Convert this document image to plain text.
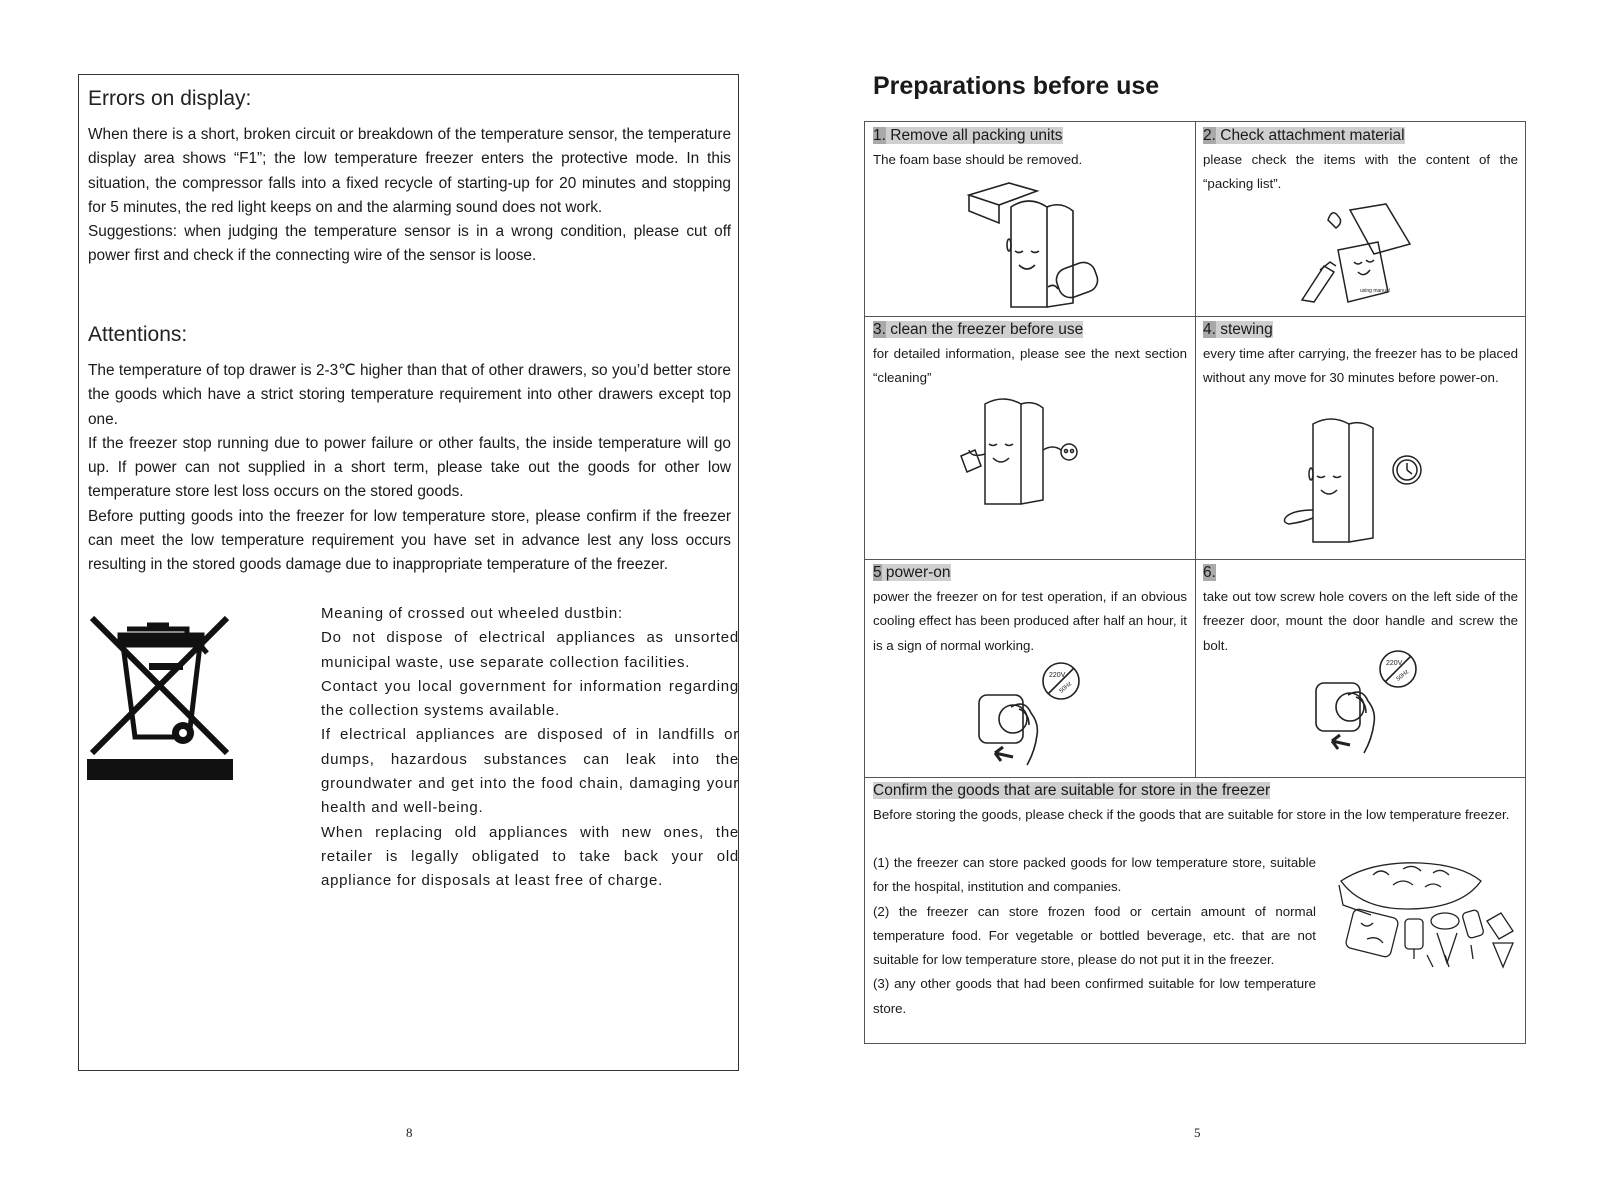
Errors on display:

When there is a short, broken circuit or breakdown of the temperature sensor, the temperature display area shows “F1”; the low temperature freezer enters the protective mode. In this situation, the compressor falls into a fixed recycle of starting-up for 20 minutes and stopping for 5 minutes, the red light keeps on and the alarming sound does not work.

Suggestions: when judging the temperature sensor is in a wrong condition, please cut off power first and check if the connecting wire of the sensor is loose.

Attentions:

The temperature of top drawer is 2-3℃ higher than that of other drawers, so you’d better store the goods which have a strict storing temperature requirement into other drawers except top one.

If the freezer stop running due to power failure or other faults, the inside temperature will go up. If power can not supplied in a short term, please take out the goods for other low temperature store lest loss occurs on the stored goods.

Before putting goods into the freezer for low temperature store, please confirm if the freezer can meet the low temperature requirement you have set in advance lest any loss occurs resulting in the stored goods damage due to inappropriate temperature of the freezer.

Meaning of crossed out wheeled dustbin:

Do not dispose of electrical appliances as unsorted municipal waste, use separate collection facilities.

Contact you local government for information regarding the collection systems available.

If electrical appliances are disposed of in landfills or dumps, hazardous substances can leak into the groundwater and get into the food chain, damaging your health and well-being.

When replacing old appliances with new ones, the retailer is legally obligated to take back your old appliance for disposals at least free of charge.

8
Preparations before use
1. Remove all packing units
The foam base should be removed.
2. Check attachment material
please check the items with the content of the “packing list”.
using manual
3. clean the freezer before use
for detailed information, please see the next section “cleaning”
4. stewing
every time after carrying, the freezer has to be placed without any move for 30 minutes before power-on.
5 power-on
power the freezer on for test operation, if an obvious cooling effect has been produced after half an hour, it is a sign of normal working.
220V
50Hz
6.
take out tow screw hole covers on the left side of the freezer door, mount the door handle and screw the bolt.
220V
50Hz
Confirm the goods that are suitable for store in the freezer
Before storing the goods, please check if the goods that are suitable for store in the low temperature freezer.

(1) the freezer can store packed goods for low temperature store, suitable for the hospital, institution and companies.

(2) the freezer can store frozen food or certain amount of normal temperature food. For vegetable or bottled beverage, etc. that are not suitable for low temperature store, please do not put it in the freezer.

(3) any other goods that had been confirmed suitable for low temperature store.

5
